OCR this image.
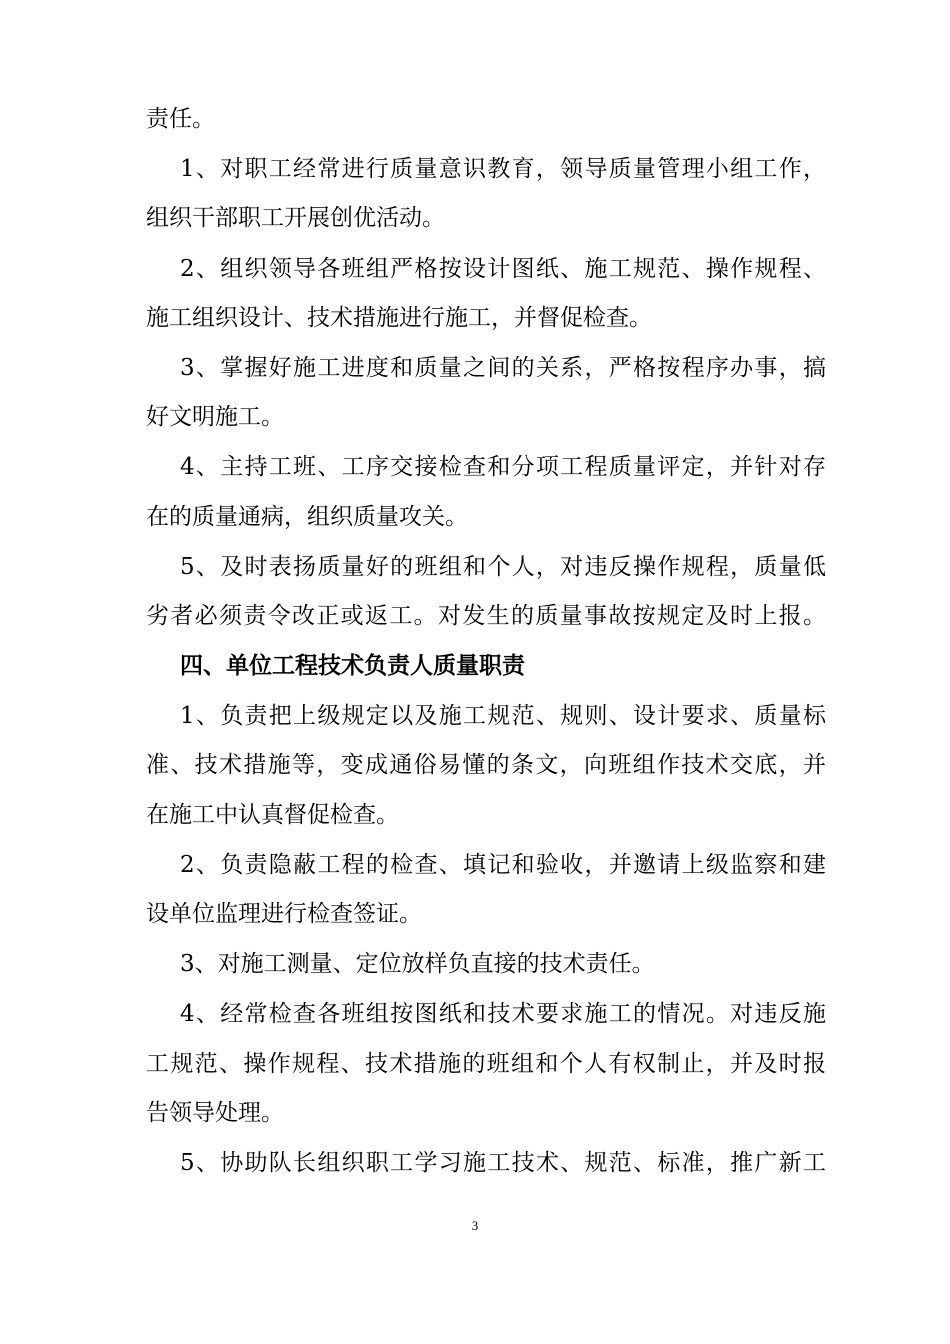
责任。
1、对职工经常进行质量意识教育，领导质量管理小组工作，
组织干部职工开展创优活动。
2、组织领导各班组严格按设计图纸、施工规范、操作规程、
施工组织设计、技术措施进行施工，并督促检查。
3、掌握好施工进度和质量之间的关系，严格按程序办事，搞
好文明施工。
4、主持工班、工序交接检查和分项工程质量评定，并针对存
在的质量通病，组织质量攻关。
5、及时表扬质量好的班组和个人，对违反操作规程，质量低
劣者必须责令改正或返工。对发生的质量事故按规定及时上报。
四、单位工程技术负责人质量职责
1、负责把上级规定以及施工规范、规则、设计要求、质量标
准、技术措施等，变成通俗易懂的条文，向班组作技术交底，并
在施工中认真督促检查。
2、负责隐蔽工程的检查、填记和验收，并邀请上级监察和建
设单位监理进行检查签证。
3、对施工测量、定位放样负直接的技术责任。
4、经常检查各班组按图纸和技术要求施工的情况。对违反施
工规范、操作规程、技术措施的班组和个人有权制止，并及时报
告领导处理。
5、协助队长组织职工学习施工技术、规范、标准，推广新工
3
